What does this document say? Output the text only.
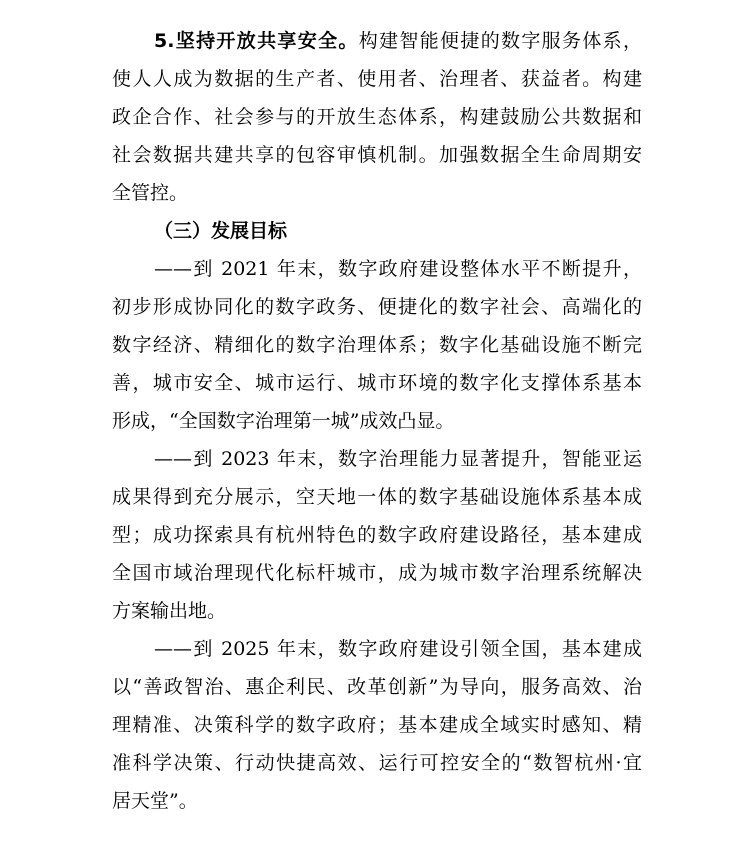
5.坚持开放共享安全。构建智能便捷的数字服务体系，
使人人成为数据的生产者、使用者、治理者、获益者。构建
政企合作、社会参与的开放生态体系，构建鼓励公共数据和
社会数据共建共享的包容审慎机制。加强数据全生命周期安
全管控。
（三）发展目标
——到 2021 年末，数字政府建设整体水平不断提升，
初步形成协同化的数字政务、便捷化的数字社会、高端化的
数字经济、精细化的数字治理体系；数字化基础设施不断完
善，城市安全、城市运行、城市环境的数字化支撑体系基本
形成，“全国数字治理第一城”成效凸显。
——到 2023 年末，数字治理能力显著提升，智能亚运
成果得到充分展示，空天地一体的数字基础设施体系基本成
型；成功探索具有杭州特色的数字政府建设路径，基本建成
全国市域治理现代化标杆城市，成为城市数字治理系统解决
方案输出地。
——到 2025 年末，数字政府建设引领全国，基本建成
以“善政智治、惠企利民、改革创新”为导向，服务高效、治
理精准、决策科学的数字政府；基本建成全域实时感知、精
准科学决策、行动快捷高效、运行可控安全的“数智杭州·宜
居天堂”。
